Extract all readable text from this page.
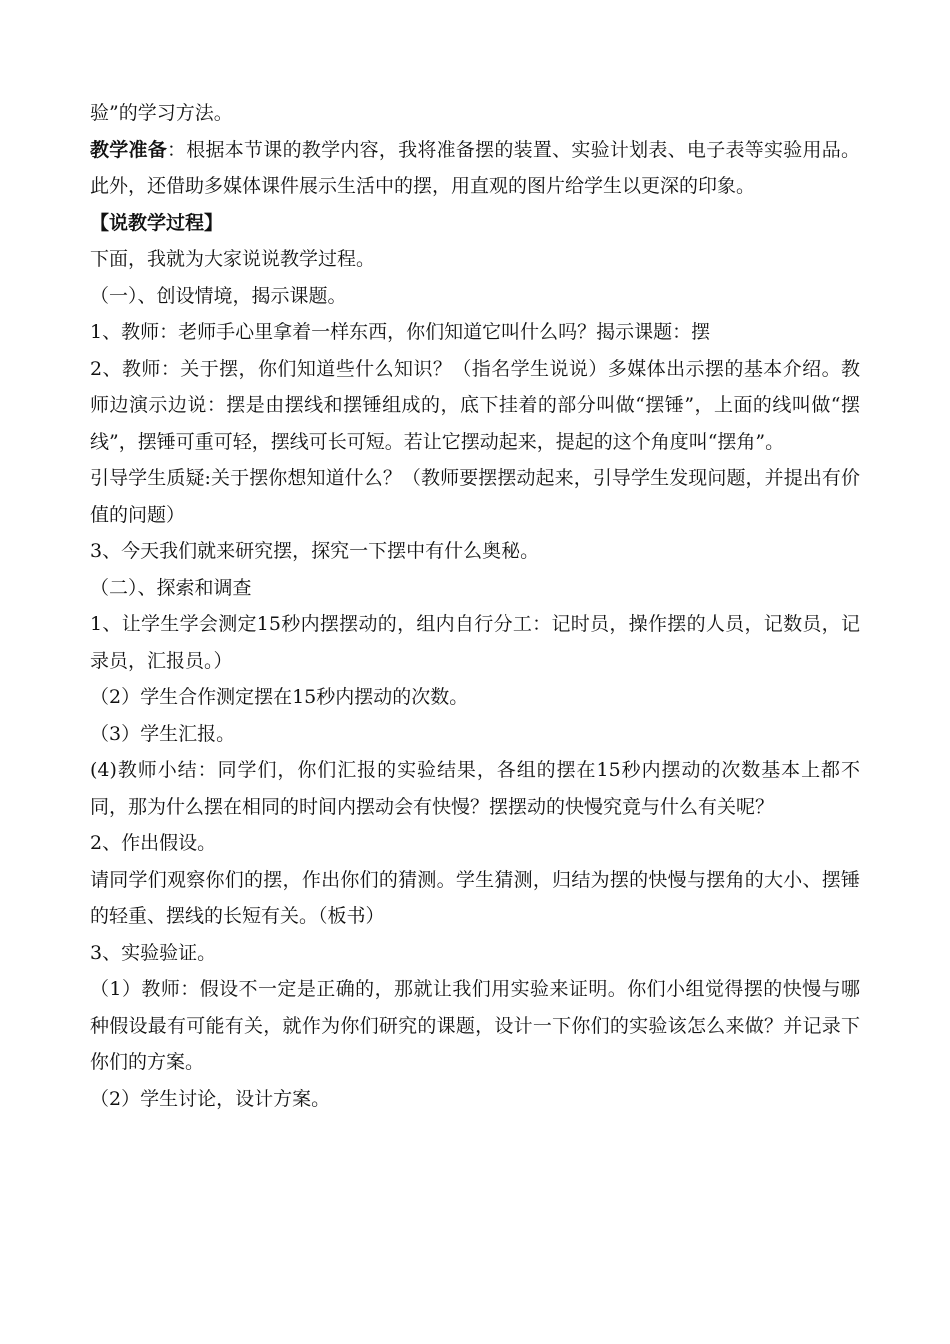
验”的学习方法。

教学准备：根据本节课的教学内容，我将准备摆的装置、实验计划表、电子表等实验用品。此外，还借助多媒体课件展示生活中的摆，用直观的图片给学生以更深的印象。

【说教学过程】

下面，我就为大家说说教学过程。

（一）、创设情境，揭示课题。

1、教师：老师手心里拿着一样东西，你们知道它叫什么吗？揭示课题：摆

2、教师：关于摆，你们知道些什么知识？（指名学生说说）多媒体出示摆的基本介绍。教师边演示边说：摆是由摆线和摆锤组成的，底下挂着的部分叫做“摆锤”，上面的线叫做“摆线”，摆锤可重可轻，摆线可长可短。若让它摆动起来，提起的这个角度叫“摆角”。

引导学生质疑:关于摆你想知道什么？（教师要摆摆动起来，引导学生发现问题，并提出有价值的问题）

3、今天我们就来研究摆，探究一下摆中有什么奥秘。

（二）、探索和调查

1、让学生学会测定15秒内摆摆动的，组内自行分工：记时员，操作摆的人员，记数员，记录员，汇报员。）

（2）学生合作测定摆在15秒内摆动的次数。

（3）学生汇报。

(4)教师小结：同学们，你们汇报的实验结果，各组的摆在15秒内摆动的次数基本上都不同，那为什么摆在相同的时间内摆动会有快慢？摆摆动的快慢究竟与什么有关呢？

2、作出假设。

请同学们观察你们的摆，作出你们的猜测。学生猜测，归结为摆的快慢与摆角的大小、摆锤的轻重、摆线的长短有关。（板书）

3、实验验证。

（1）教师：假设不一定是正确的，那就让我们用实验来证明。你们小组觉得摆的快慢与哪种假设最有可能有关，就作为你们研究的课题，设计一下你们的实验该怎么来做？并记录下你们的方案。

（2）学生讨论，设计方案。
